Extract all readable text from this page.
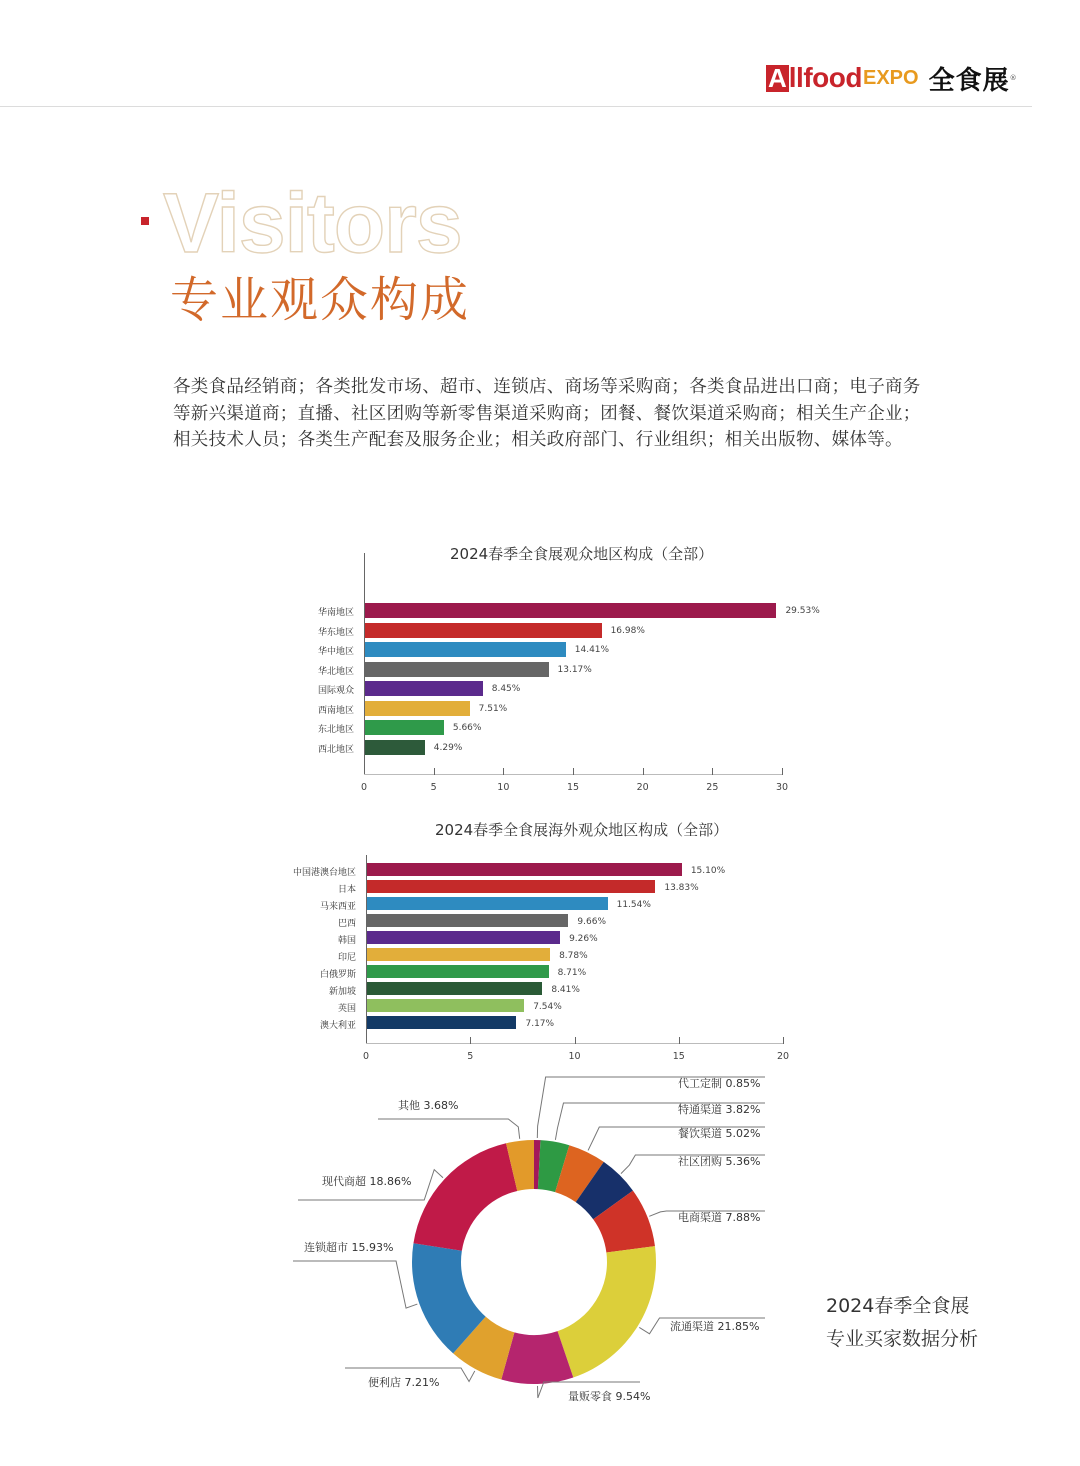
A llfood EXPO 全食展 ®
Visitors
专业观众构成
各类食品经销商；各类批发市场、超市、连锁店、商场等采购商；各类食品进出口商；电子商务等新兴渠道商；直播、社区团购等新零售渠道采购商；团餐、餐饮渠道采购商；相关生产企业；相关技术人员；各类生产配套及服务企业；相关政府部门、行业组织；相关出版物、媒体等。
2024春季全食展观众地区构成（全部）
0	5	10	15	20	25	30
华南地区	29.53%
华东地区	16.98%
华中地区	14.41%
华北地区	13.17%
国际观众	8.45%
西南地区	7.51%
东北地区	5.66%
西北地区	4.29%
2024春季全食展海外观众地区构成（全部）
0	5	10	15	20
中国港澳台地区	15.10%
日本	13.83%
马来西亚	11.54%
巴西	9.66%
韩国	9.26%
印尼	8.78%
白俄罗斯	8.71%
新加坡	8.41%
英国	7.54%
澳大利亚	7.17%
代工定制 0.85%
特通渠道 3.82%
餐饮渠道 5.02%
社区团购 5.36%
电商渠道 7.88%
流通渠道 21.85%
量贩零食 9.54%
便利店 7.21%
连锁超市 15.93%
现代商超 18.86%
其他 3.68%
2024春季全食展
专业买家数据分析
